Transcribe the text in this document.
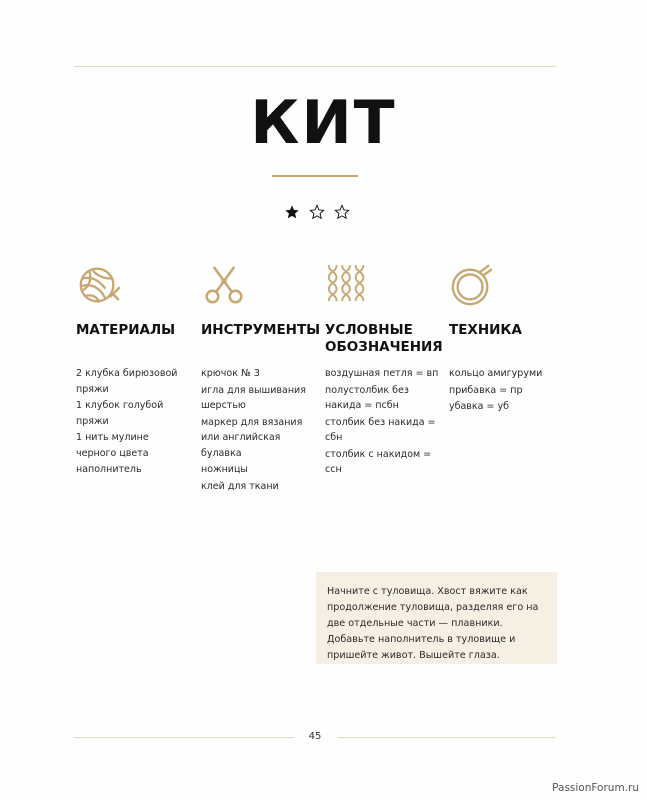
КИТ

МАТЕРИАЛЫ
2 клубка бирюзовой пряжи
1 клубок голубой пряжи
1 нить мулине черного цвета
наполнитель
ИНСТРУМЕНТЫ
крючок № 3
игла для вышивания шерстью
маркер для вязания или английская булавка
ножницы
клей для ткани
УСЛОВНЫЕ ОБОЗНАЧЕНИЯ
воздушная петля = вп
полустолбик без накида = псбн
столбик без накида = сбн
столбик с накидом = ссн
ТЕХНИКА
кольцо амигуруми
прибавка = пр
убавка = уб
Начните с туловища. Хвост вяжите как продолжение туловища, разделяя его на две отдельные части — плавники. Добавьте наполнитель в туловище и пришейте живот. Вышейте глаза.
45
PassionForum.ru
